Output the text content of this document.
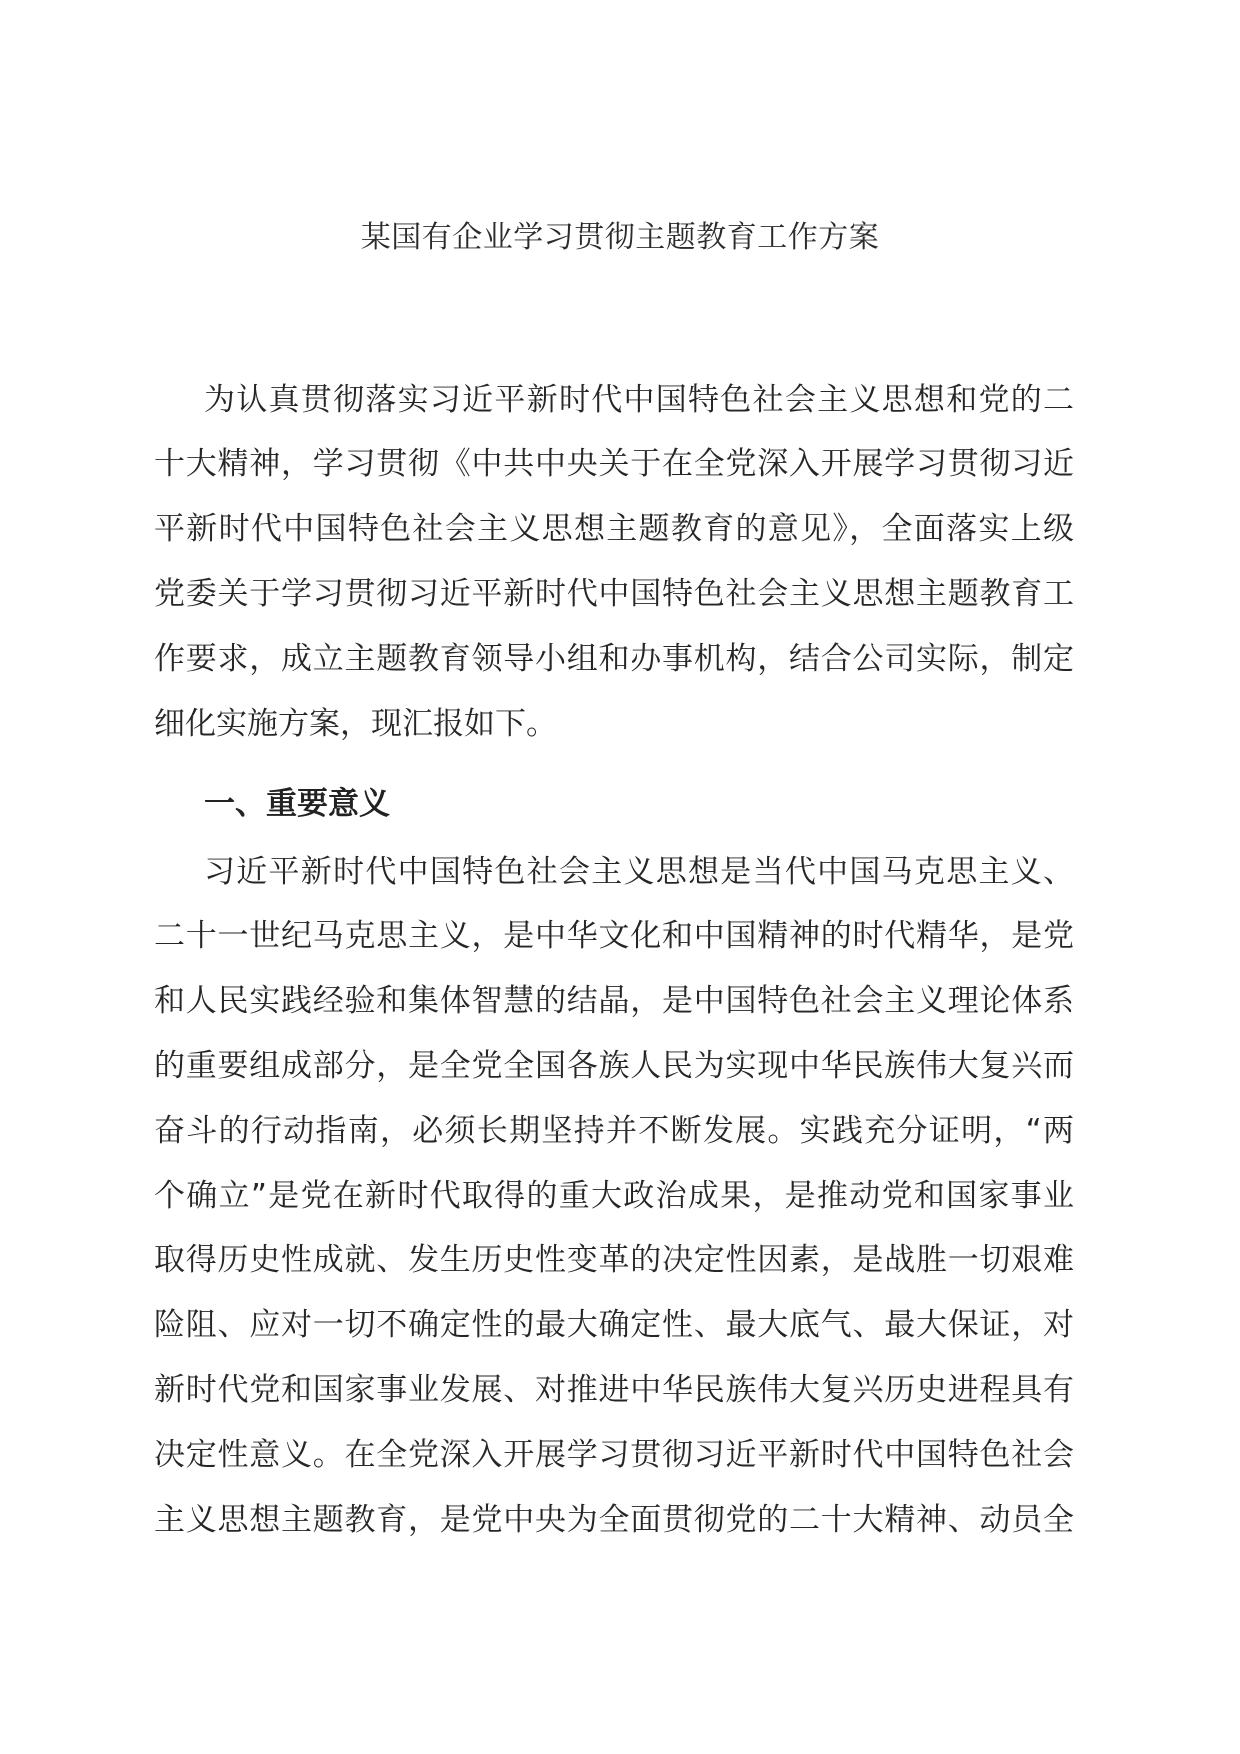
某国有企业学习贯彻主题教育工作方案
为认真贯彻落实习近平新时代中国特色社会主义思想和党的二
十大精神，学习贯彻《中共中央关于在全党深入开展学习贯彻习近
平新时代中国特色社会主义思想主题教育的意见》，全面落实上级
党委关于学习贯彻习近平新时代中国特色社会主义思想主题教育工
作要求，成立主题教育领导小组和办事机构，结合公司实际，制定
细化实施方案，现汇报如下。
一、重要意义
习近平新时代中国特色社会主义思想是当代中国马克思主义、
二十一世纪马克思主义，是中华文化和中国精神的时代精华，是党
和人民实践经验和集体智慧的结晶，是中国特色社会主义理论体系
的重要组成部分，是全党全国各族人民为实现中华民族伟大复兴而
奋斗的行动指南，必须长期坚持并不断发展。实践充分证明，“两
个确立”是党在新时代取得的重大政治成果，是推动党和国家事业
取得历史性成就、发生历史性变革的决定性因素，是战胜一切艰难
险阻、应对一切不确定性的最大确定性、最大底气、最大保证，对
新时代党和国家事业发展、对推进中华民族伟大复兴历史进程具有
决定性意义。在全党深入开展学习贯彻习近平新时代中国特色社会
主义思想主题教育，是党中央为全面贯彻党的二十大精神、动员全
